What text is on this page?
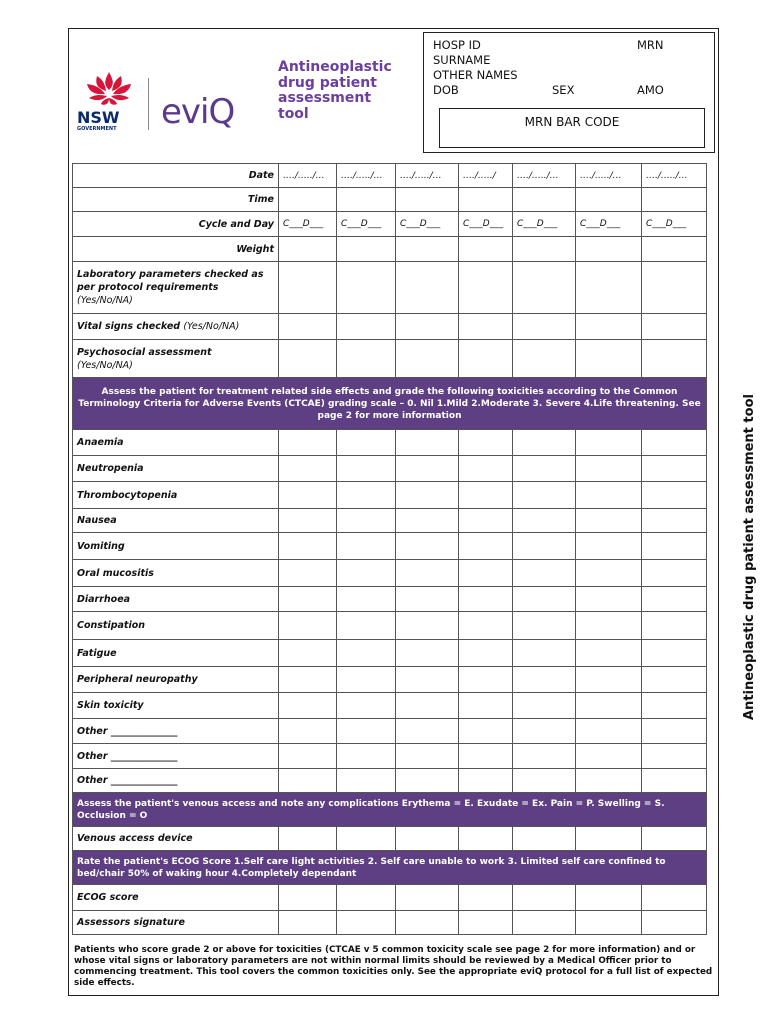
NSW
GOVERNMENT eviQ
Antineoplastic
drug patient
assessment
tool
HOSP ID	MRN
SURNAME
OTHER NAMES
DOB	SEX	AMO
MRN BAR CODE
Date	…./…../…	…./…../…	…./…../…	…./…../	…./…../…	…./…../…	…./…../…
Time							
Cycle and Day	C___D___	C___D___	C___D___	C___D___	C___D___	C___D___	C___D___
Weight							
Laboratory parameters checked as per protocol requirements
(Yes/No/NA)							
Vital signs checked (Yes/No/NA)							
Psychosocial assessment
(Yes/No/NA)							
Assess the patient for treatment related side effects and grade the following toxicities according to the Common Terminology Criteria for Adverse Events (CTCAE) grading scale – 0. Nil 1.Mild 2.Moderate 3. Severe 4.Life threatening. See page 2 for more information							
Anaemia							
Neutropenia							
Thrombocytopenia							
Nausea							
Vomiting							
Oral mucositis							
Diarrhoea							
Constipation							
Fatigue							
Peripheral neuropathy							
Skin toxicity							
Other ______________							
Other ______________							
Other ______________							
Assess the patient's venous access and note any complications Erythema = E. Exudate = Ex. Pain = P. Swelling = S. Occlusion = O							
Venous access device							
Rate the patient's ECOG Score 1.Self care light activities 2. Self care unable to work 3. Limited self care confined to bed/chair 50% of waking hour 4.Completely dependant							
ECOG score							
Assessors signature							
Patients who score grade 2 or above for toxicities (CTCAE v 5 common toxicity scale see page 2 for more information) and or whose vital signs or laboratory parameters are not within normal limits should be reviewed by a Medical Officer prior to commencing treatment. This tool covers the common toxicities only. See the appropriate eviQ protocol for a full list of expected side effects.
Antineoplastic drug patient assessment tool
